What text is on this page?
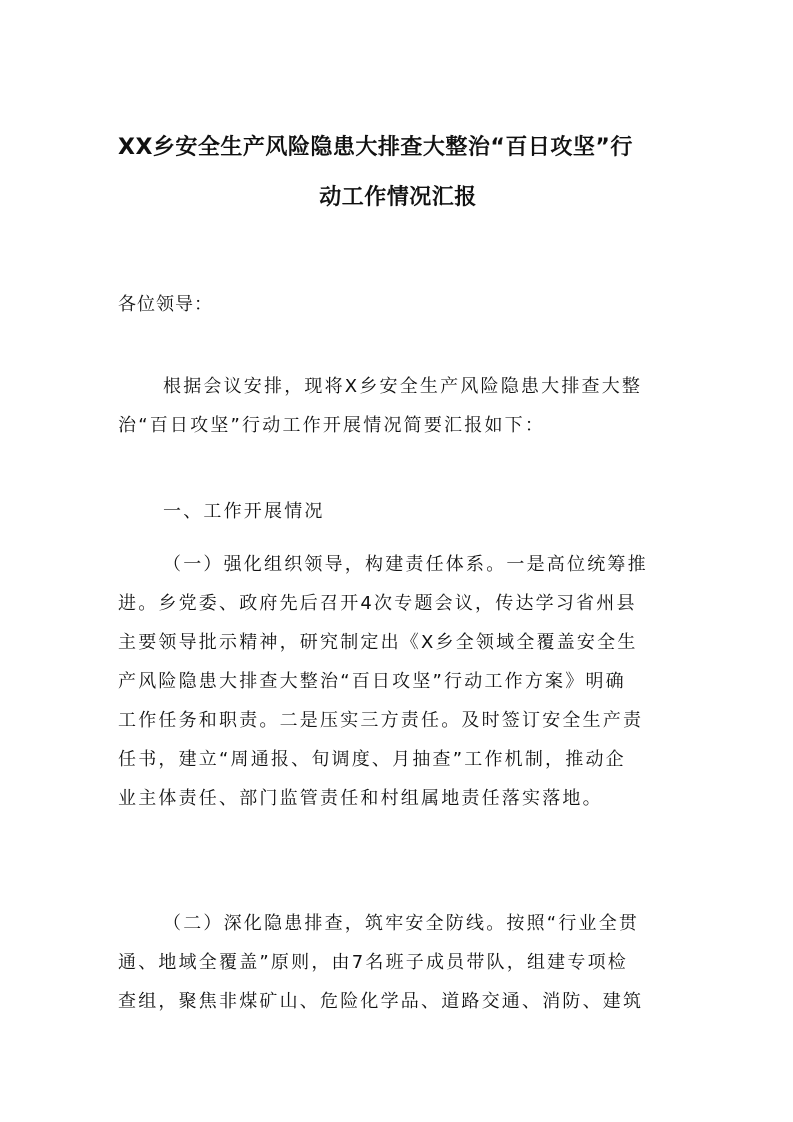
XX乡安全生产风险隐患大排查大整治“百日攻坚”行
动工作情况汇报
各位领导：
根据会议安排，现将X乡安全生产风险隐患大排查大整
治“百日攻坚”行动工作开展情况简要汇报如下：
一、工作开展情况
（一）强化组织领导，构建责任体系。一是高位统筹推
进。乡党委、政府先后召开4次专题会议，传达学习省州县
主要领导批示精神，研究制定出《X乡全领域全覆盖安全生
产风险隐患大排查大整治“百日攻坚”行动工作方案》明确
工作任务和职责。二是压实三方责任。及时签订安全生产责
任书，建立“周通报、旬调度、月抽查”工作机制，推动企
业主体责任、部门监管责任和村组属地责任落实落地。
（二）深化隐患排查，筑牢安全防线。按照“行业全贯
通、地域全覆盖”原则，由7名班子成员带队，组建专项检
查组，聚焦非煤矿山、危险化学品、道路交通、消防、建筑
